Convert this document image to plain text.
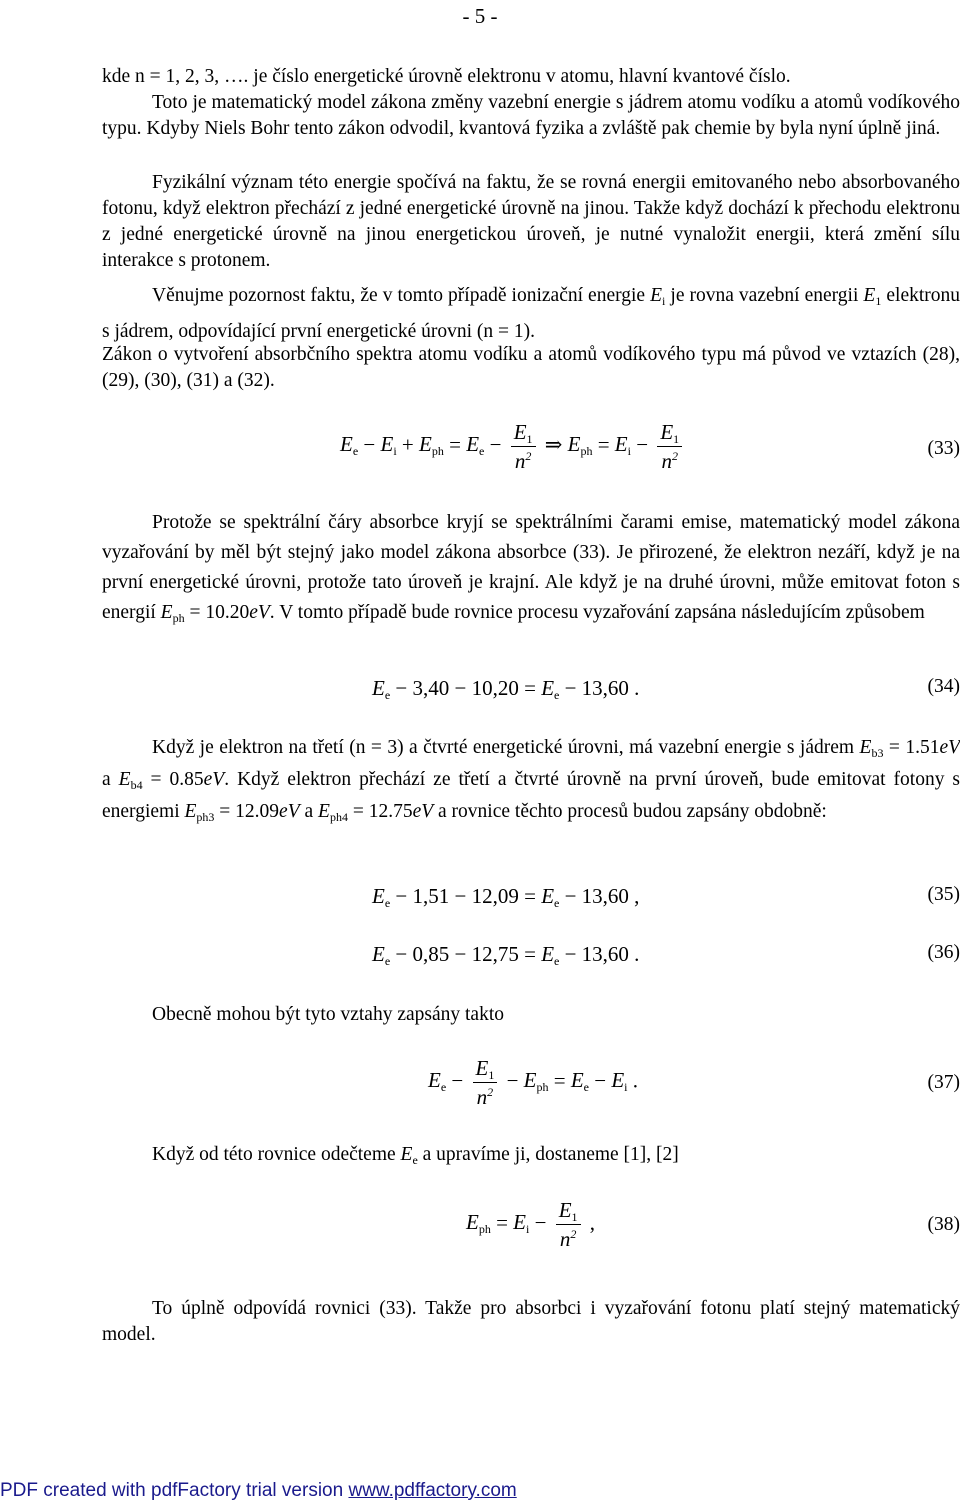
- 5 -
kde n = 1, 2, 3, …. je číslo energetické úrovně elektronu v atomu, hlavní kvantové číslo.
Toto je matematický model zákona změny vazební energie s jádrem atomu vodíku a atomů vodíkového typu. Kdyby Niels Bohr tento zákon odvodil, kvantová fyzika a zvláště pak chemie by byla nyní úplně jiná.
Fyzikální význam této energie spočívá na faktu, že se rovná energii emitovaného nebo absorbovaného fotonu, když elektron přechází z jedné energetické úrovně na jinou. Takže když dochází k přechodu elektronu z jedné energetické úrovně na jinou energetickou úroveň, je nutné vynaložit energii, která změní sílu interakce s protonem.
Věnujme pozornost faktu, že v tomto případě ionizační energie $E_i$ je rovna vazební energii $E_1$ elektronu s jádrem, odpovídající první energetické úrovni (n = 1).
Zákon o vytvoření absorbčního spektra atomu vodíku a atomů vodíkového typu má původ ve vztazích (28), (29), (30), (31) a (32).
$E_e - E_i + E_{ph} = E_e - \frac{E_1}{n^2}$ ⇒ $E_{ph} = E_i - \frac{E_1}{n^2}$	(33)
Protože se spektrální čáry absorbce kryjí se spektrálními čarami emise, matematický model zákona vyzařování by měl být stejný jako model zákona absorbce (33). Je přirozené, že elektron nezáří, když je na první energetické úrovni, protože tato úroveň je krajní. Ale když je na druhé úrovni, může emitovat foton s energií $E_{ph} = 10.20eV$. V tomto případě bude rovnice procesu vyzařování zapsána následujícím způsobem
$E_e - 3,40 - 10,20 = E_e - 13,60$ .	(34)
Když je elektron na třetí (n = 3) a čtvrté energetické úrovni, má vazební energie s jádrem $E_{b3} = 1.51eV$ a $E_{b4} = 0.85eV$. Když elektron přechází ze třetí a čtvrté úrovně na první úroveň, bude emitovat fotony s energiemi $E_{ph3} = 12.09eV$ a $E_{ph4} = 12.75eV$ a rovnice těchto procesů budou zapsány obdobně:
$E_e - 1,51 - 12,09 = E_e - 13,60$ ,	(35)
$E_e - 0,85 - 12,75 = E_e - 13,60$ .	(36)
Obecně mohou být tyto vztahy zapsány takto
$E_e - \frac{E_1}{n^2} - E_{ph} = E_e - E_i$ .	(37)
Když od této rovnice odečteme $E_e$ a upravíme ji, dostaneme [1], [2]
$E_{ph} = E_i - \frac{E_1}{n^2}$ ,	(38)
To úplně odpovídá rovnici (33). Takže pro absorbci i vyzařování fotonu platí stejný matematický model.
PDF created with pdfFactory trial version www.pdffactory.com
